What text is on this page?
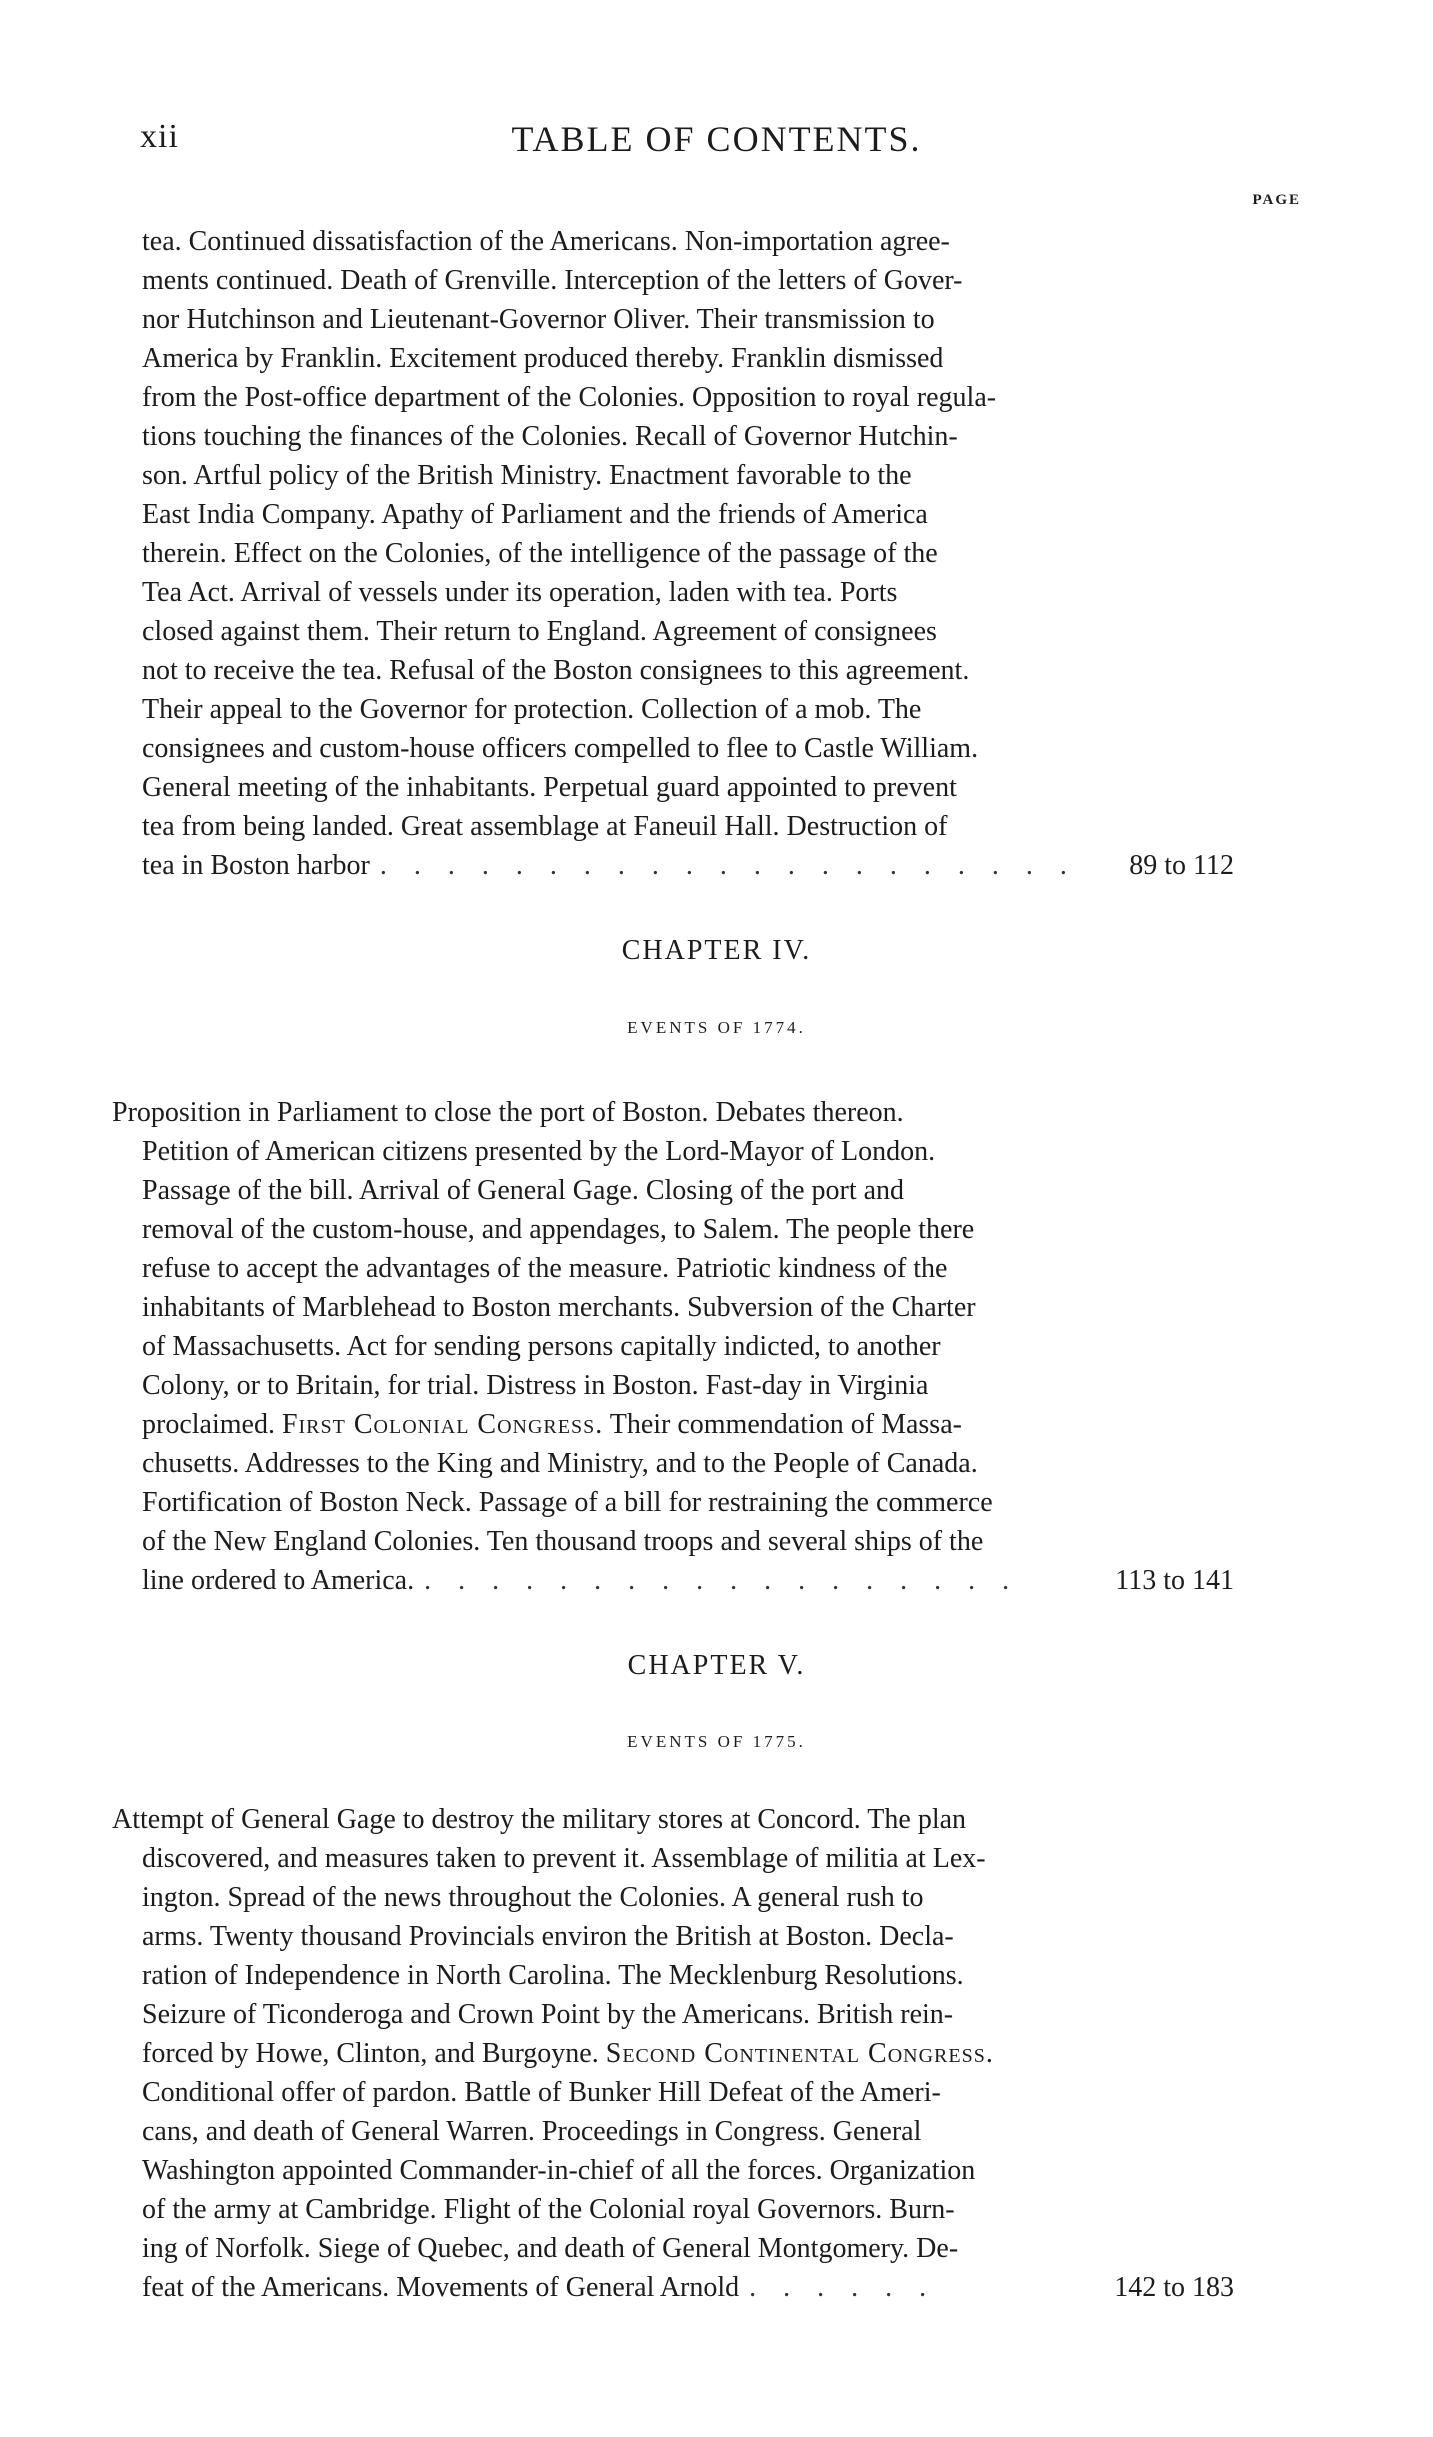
xii	TABLE OF CONTENTS.
PAGE
tea. Continued dissatisfaction of the Americans. Non-importation agree-
ments continued. Death of Grenville. Interception of the letters of Gover-
nor Hutchinson and Lieutenant-Governor Oliver. Their transmission to
America by Franklin. Excitement produced thereby. Franklin dismissed
from the Post-office department of the Colonies. Opposition to royal regula-
tions touching the finances of the Colonies. Recall of Governor Hutchin-
son. Artful policy of the British Ministry. Enactment favorable to the
East India Company. Apathy of Parliament and the friends of America
therein. Effect on the Colonies, of the intelligence of the passage of the
Tea Act. Arrival of vessels under its operation, laden with tea. Ports
closed against them. Their return to England. Agreement of consignees
not to receive the tea. Refusal of the Boston consignees to this agreement.
Their appeal to the Governor for protection. Collection of a mob. The
consignees and custom-house officers compelled to flee to Castle William.
General meeting of the inhabitants. Perpetual guard appointed to prevent
tea from being landed. Great assemblage at Faneuil Hall. Destruction of
tea in Boston harbor . . . . . . . . . . . . . . . . . . . . .	89 to 112
CHAPTER IV.
EVENTS OF 1774.
Proposition in Parliament to close the port of Boston. Debates thereon.
Petition of American citizens presented by the Lord-Mayor of London.
Passage of the bill. Arrival of General Gage. Closing of the port and
removal of the custom-house, and appendages, to Salem. The people there
refuse to accept the advantages of the measure. Patriotic kindness of the
inhabitants of Marblehead to Boston merchants. Subversion of the Charter
of Massachusetts. Act for sending persons capitally indicted, to another
Colony, or to Britain, for trial. Distress in Boston. Fast-day in Virginia
proclaimed. First Colonial Congress. Their commendation of Massa-
chusetts. Addresses to the King and Ministry, and to the People of Canada.
Fortification of Boston Neck. Passage of a bill for restraining the commerce
of the New England Colonies. Ten thousand troops and several ships of the
line ordered to America. . . . . . . . . . . . . . . . . . .	113 to 141
CHAPTER V.
EVENTS OF 1775.
Attempt of General Gage to destroy the military stores at Concord. The plan
discovered, and measures taken to prevent it. Assemblage of militia at Lex-
ington. Spread of the news throughout the Colonies. A general rush to
arms. Twenty thousand Provincials environ the British at Boston. Decla-
ration of Independence in North Carolina. The Mecklenburg Resolutions.
Seizure of Ticonderoga and Crown Point by the Americans. British rein-
forced by Howe, Clinton, and Burgoyne. Second Continental Congress.
Conditional offer of pardon. Battle of Bunker Hill Defeat of the Ameri-
cans, and death of General Warren. Proceedings in Congress. General
Washington appointed Commander-in-chief of all the forces. Organization
of the army at Cambridge. Flight of the Colonial royal Governors. Burn-
ing of Norfolk. Siege of Quebec, and death of General Montgomery. De-
feat of the Americans. Movements of General Arnold . . . . . .	142 to 183
